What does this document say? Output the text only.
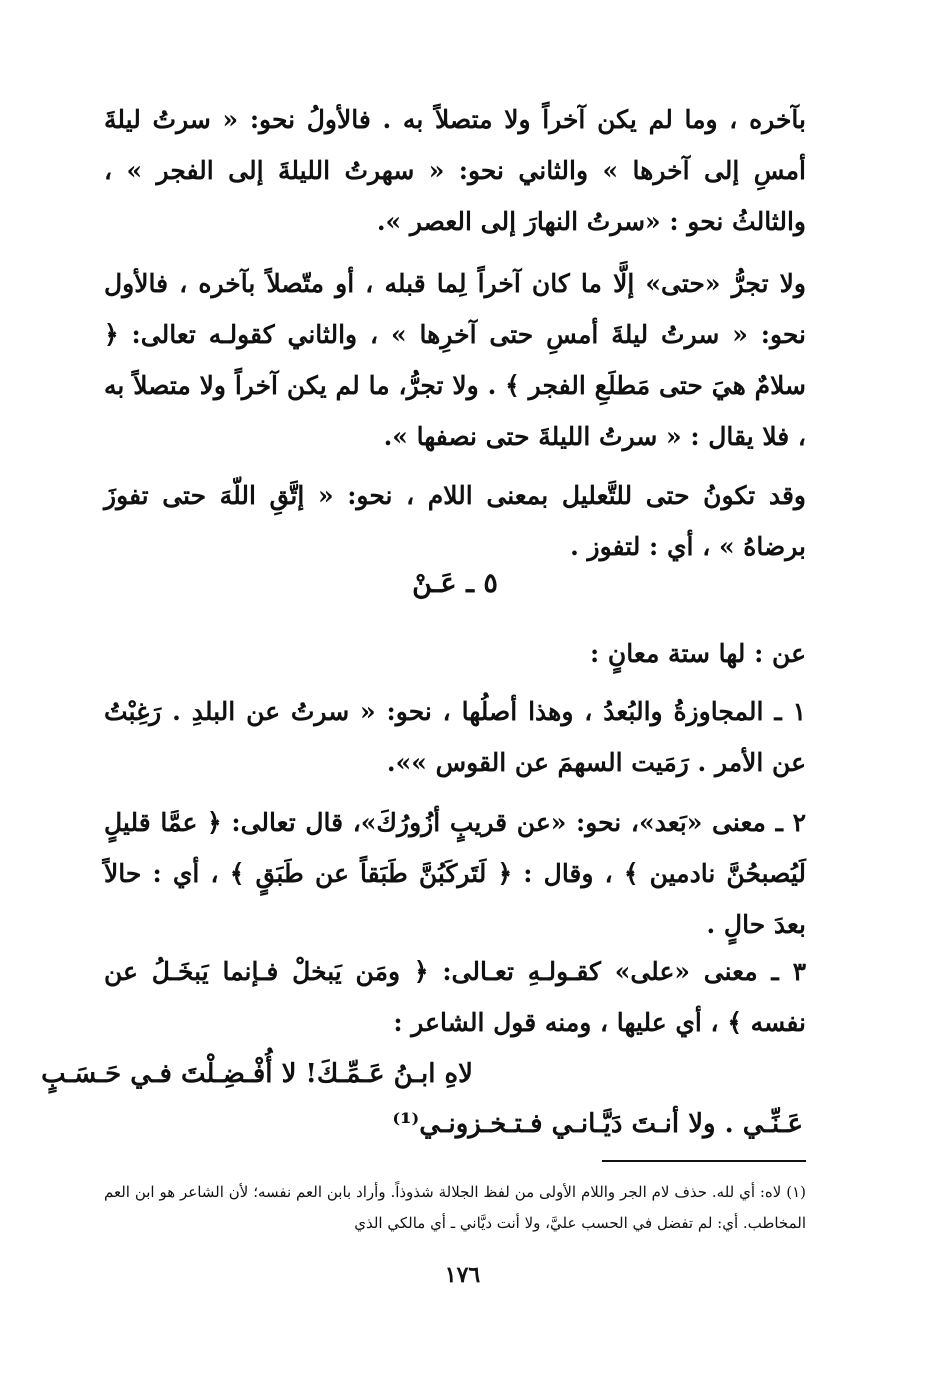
بآخره ، وما لم يكن آخراً ولا متصلاً به . فالأولُ نحو: « سرتُ ليلةَ أمسِ إلى آخرها » والثاني نحو: « سهرتُ الليلةَ إلى الفجر » ، والثالثُ نحو : «سرتُ النهارَ إلى العصر ».
ولا تجرُّ «حتى» إلَّا ما كان آخراً لِما قبله ، أو متّصلاً بآخره ، فالأول نحو: « سرتُ ليلةَ أمسِ حتى آخرِها » ، والثاني كقولـه تعالى: ﴿ سلامٌ هيَ حتى مَطلَعِ الفجر ﴾ . ولا تجرُّ، ما لم يكن آخراً ولا متصلاً به ، فلا يقال : « سرتُ الليلةَ حتى نصفها ».
وقد تكونُ حتى للتَّعليل بمعنى اللام ، نحو: « إتَّقِ اللّهَ حتى تفوزَ برضاهُ » ، أي : لتفوز .
٥ ـ عَـنْ
عن : لها ستة معانٍ :
١ ـ المجاوزةُ والبُعدُ ، وهذا أصلُها ، نحو: « سرتُ عن البلدِ . رَغِبْتُ عن الأمر . رَمَيت السهمَ عن القوس »».
٢ ـ معنى «بَعد»، نحو: «عن قريبٍ أزُورُكَ»، قال تعالى: ﴿ عمَّا قليلٍ لَيُصبحُنَّ نادمين ﴾ ، وقال : ﴿ لَتَركَبُنَّ طَبَقاً عن طَبَقٍ ﴾ ، أي : حالاً بعدَ حالٍ .
٣ ـ معنى «على» كقـولـهِ تعـالى: ﴿ ومَن يَبخلْ فـإنما يَبخَـلُ عن نفسه ﴾ ، أي عليها ، ومنه قول الشاعر :
لاهِ ابـنُ عَـمِّـكَ! لا أُفْـضِـلْتَ فـي حَـسَـبٍ
عَـنِّـي . ولا أنـتَ دَيَّـانـي فـتـخـزونـي⁽¹⁾
(١) لاه: أي لله. حذف لام الجر واللام الأولى من لفظ الجلالة شذوذاً. وأراد بابن العم نفسه؛ لأن الشاعر هو ابن العم المخاطب. أي: لم تفضل في الحسب عليَّ، ولا أنت ديَّاني ـ أي مالكي الذي
١٧٦
